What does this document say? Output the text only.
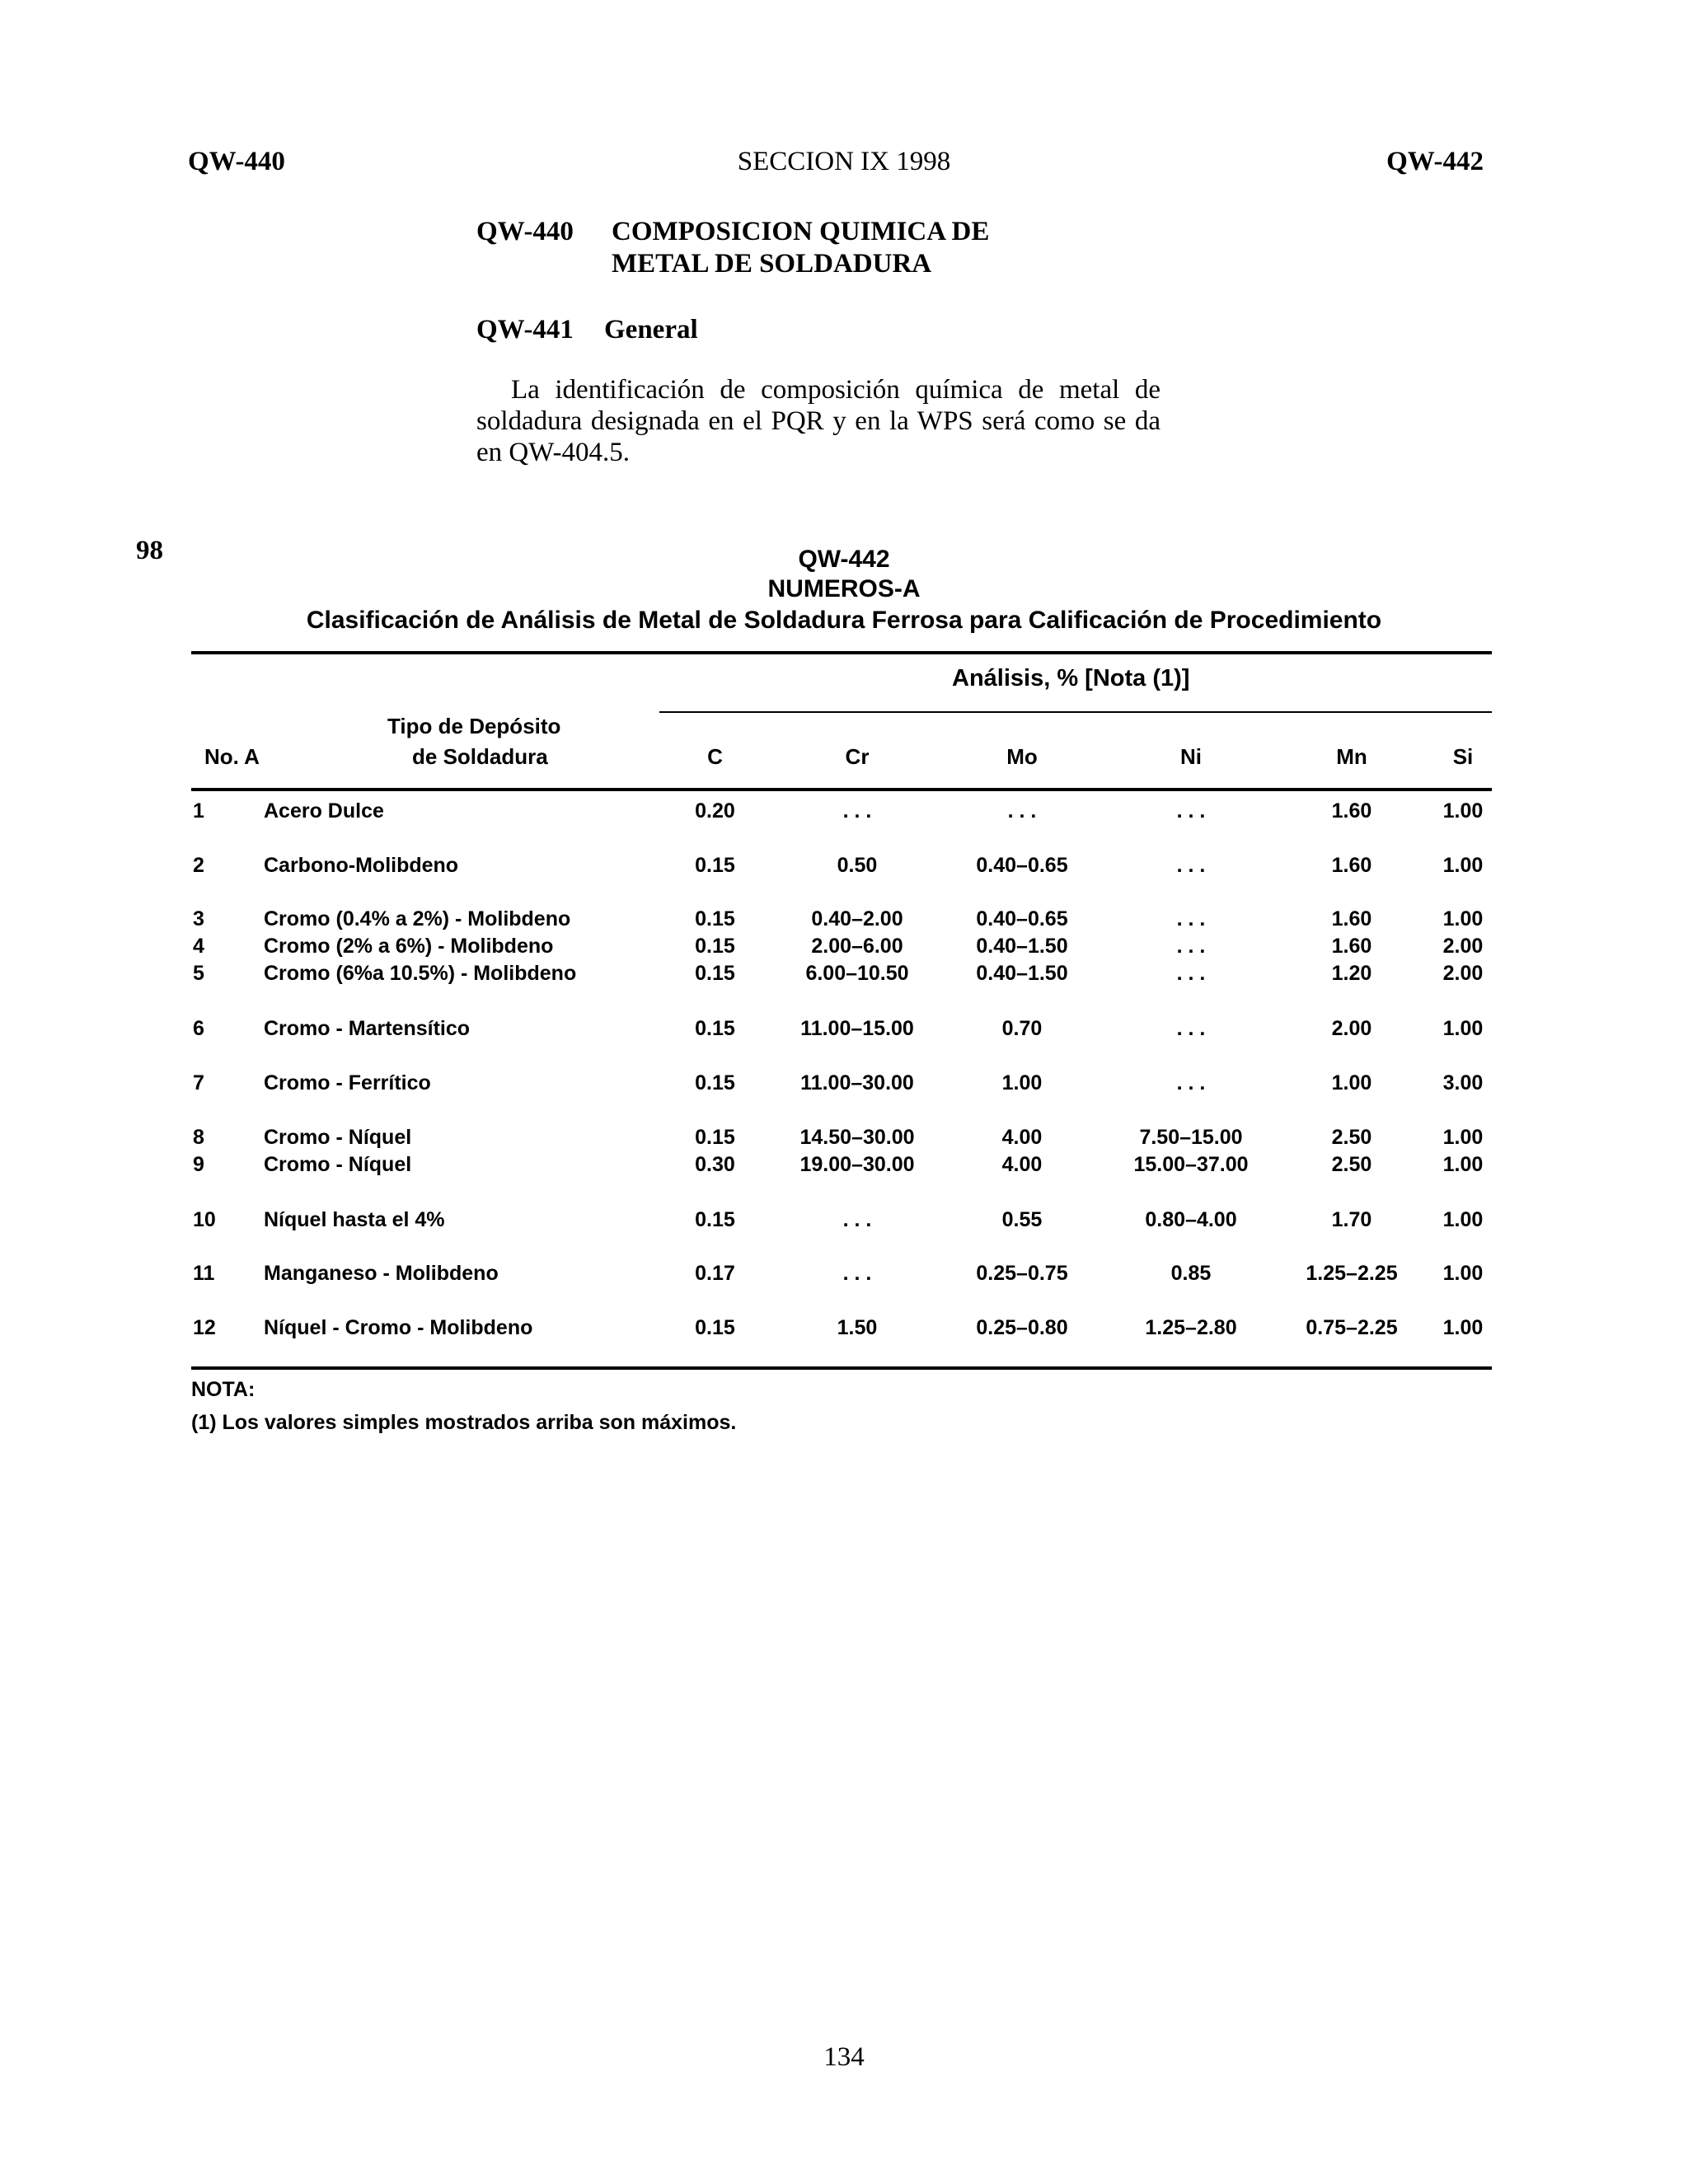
QW-440	SECCION IX 1998	QW-442
QW-440 COMPOSICION QUIMICA DE
METAL DE SOLDADURA
QW-441 General
La identificación de composición química de metal de soldadura designada en el PQR y en la WPS será como se da en QW-404.5.
98	QW-442
NUMEROS-A
Clasificación de Análisis de Metal de Soldadura Ferrosa para Calificación de Procedimiento
Análisis, % [Nota (1)]
Tipo de Depósito
de Soldadura
No. A	C	Cr	Mo	Ni	Mn	Si
1	Acero Dulce	0.20	. . .	. . .	. . .	1.60	1.00
2	Carbono-Molibdeno	0.15	0.50	0.40–0.65	. . .	1.60	1.00
3	Cromo (0.4% a 2%) - Molibdeno	0.15	0.40–2.00	0.40–0.65	. . .	1.60	1.00
4	Cromo (2% a 6%) - Molibdeno	0.15	2.00–6.00	0.40–1.50	. . .	1.60	2.00
5	Cromo (6%a 10.5%) - Molibdeno	0.15	6.00–10.50	0.40–1.50	. . .	1.20	2.00
6	Cromo - Martensítico	0.15	11.00–15.00	0.70	. . .	2.00	1.00
7	Cromo - Ferrítico	0.15	11.00–30.00	1.00	. . .	1.00	3.00
8	Cromo - Níquel	0.15	14.50–30.00	4.00	7.50–15.00	2.50	1.00
9	Cromo - Níquel	0.30	19.00–30.00	4.00	15.00–37.00	2.50	1.00
10 Níquel hasta el 4%	0.15	. . .	0.55	0.80–4.00	1.70	1.00
11 Manganeso - Molibdeno	0.17	. . .	0.25–0.75	0.85	1.25–2.25	1.00
12 Níquel - Cromo - Molibdeno	0.15	1.50	0.25–0.80	1.25–2.80	0.75–2.25	1.00
NOTA:
(1) Los valores simples mostrados arriba son máximos.
134
